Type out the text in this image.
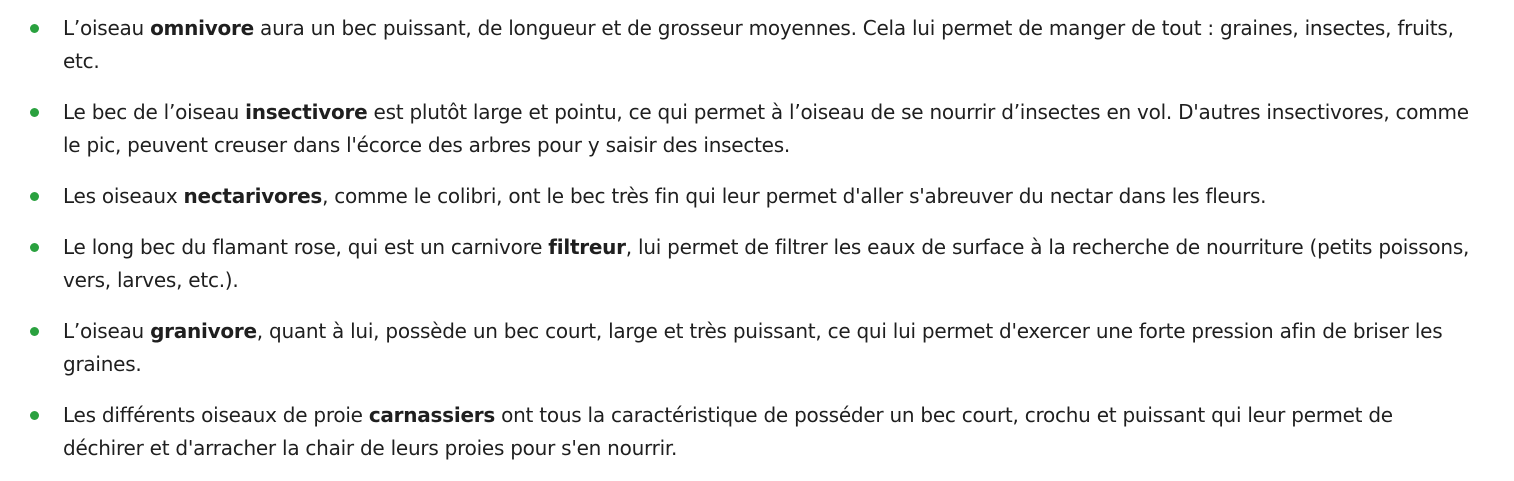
L’oiseau omnivore aura un bec puissant, de longueur et de grosseur moyennes. Cela lui permet de manger de tout : graines, insectes, fruits, etc.
Le bec de l’oiseau insectivore est plutôt large et pointu, ce qui permet à l’oiseau de se nourrir d’insectes en vol. D'autres insectivores, comme le pic, peuvent creuser dans l'écorce des arbres pour y saisir des insectes.
Les oiseaux nectarivores, comme le colibri, ont le bec très fin qui leur permet d'aller s'abreuver du nectar dans les fleurs.
Le long bec du flamant rose, qui est un carnivore filtreur, lui permet de filtrer les eaux de surface à la recherche de nourriture (petits poissons, vers, larves, etc.).
L’oiseau granivore, quant à lui, possède un bec court, large et très puissant, ce qui lui permet d'exercer une forte pression afin de briser les graines.
Les différents oiseaux de proie carnassiers ont tous la caractéristique de posséder un bec court, crochu et puissant qui leur permet de déchirer et d'arracher la chair de leurs proies pour s'en nourrir.
